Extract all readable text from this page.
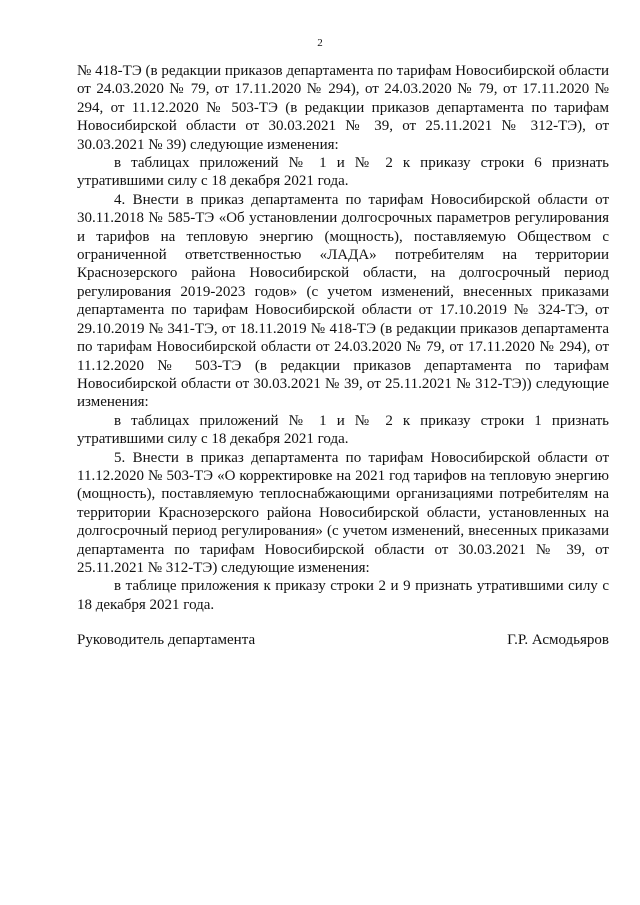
2

№ 418-ТЭ (в редакции приказов департамента по тарифам Новосибирской области от 24.03.2020 № 79, от 17.11.2020 № 294), от 24.03.2020 № 79, от 17.11.2020 № 294, от 11.12.2020 № 503-ТЭ (в редакции приказов департамента по тарифам Новосибирской области от 30.03.2021 № 39, от 25.11.2021 № 312-ТЭ), от 30.03.2021 № 39) следующие изменения:

в таблицах приложений № 1 и № 2 к приказу строки 6 признать утратившими силу с 18 декабря 2021 года.

4. Внести в приказ департамента по тарифам Новосибирской области от 30.11.2018 № 585-ТЭ «Об установлении долгосрочных параметров регулирования и тарифов на тепловую энергию (мощность), поставляемую Обществом с ограниченной ответственностью «ЛАДА» потребителям на территории Краснозерского района Новосибирской области, на долгосрочный период регулирования 2019-2023 годов» (с учетом изменений, внесенных приказами департамента по тарифам Новосибирской области от 17.10.2019 № 324-ТЭ, от 29.10.2019 № 341-ТЭ, от 18.11.2019 № 418-ТЭ (в редакции приказов департамента по тарифам Новосибирской области от 24.03.2020 № 79, от 17.11.2020 № 294), от 11.12.2020 № 503-ТЭ (в редакции приказов департамента по тарифам Новосибирской области от 30.03.2021 № 39, от 25.11.2021 № 312-ТЭ)) следующие изменения:

в таблицах приложений № 1 и № 2 к приказу строки 1 признать утратившими силу с 18 декабря 2021 года.

5. Внести в приказ департамента по тарифам Новосибирской области от 11.12.2020 № 503-ТЭ «О корректировке на 2021 год тарифов на тепловую энергию (мощность), поставляемую теплоснабжающими организациями потребителям на территории Краснозерского района Новосибирской области, установленных на долгосрочный период регулирования» (с учетом изменений, внесенных приказами департамента по тарифам Новосибирской области от 30.03.2021 № 39, от 25.11.2021 № 312-ТЭ) следующие изменения:

в таблице приложения к приказу строки 2 и 9 признать утратившими силу с 18 декабря 2021 года.

Руководитель департамента	Г.Р. Асмодьяров
